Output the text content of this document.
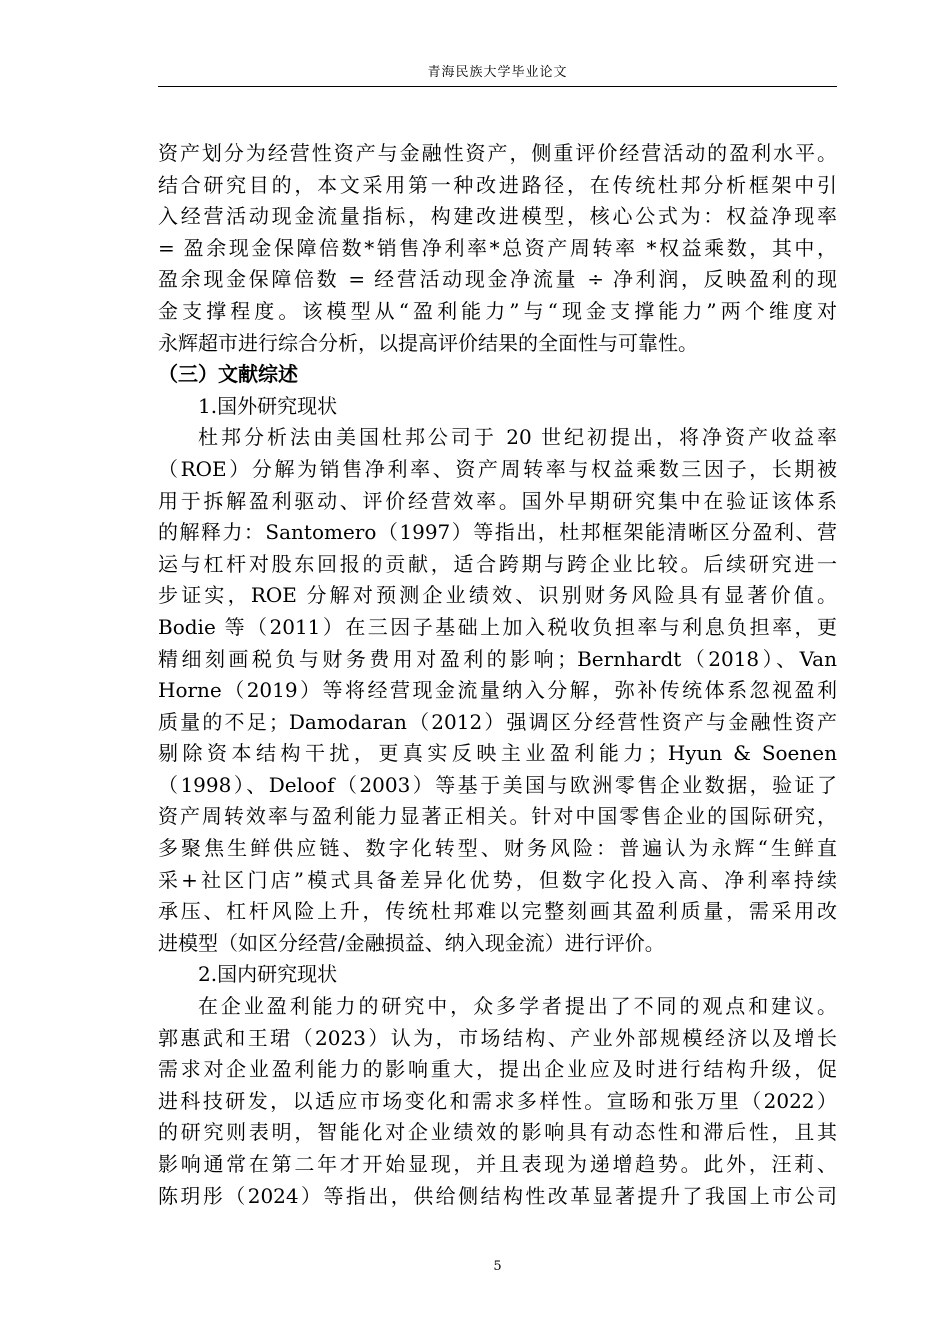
青海民族大学毕业论文
资产划分为经营性资产与金融性资产，侧重评价经营活动的盈利水平。
结合研究目的，本文采用第一种改进路径，在传统杜邦分析框架中引
入经营活动现金流量指标，构建改进模型，核心公式为：权益净现率
= 盈余现金保障倍数*销售净利率*总资产周转率 *权益乘数，其中，
盈余现金保障倍数 = 经营活动现金净流量 ÷ 净利润，反映盈利的现
金支撑程度。该模型从“盈利能力”与“现金支撑能力”两个维度对
永辉超市进行综合分析，以提高评价结果的全面性与可靠性。
（三）文献综述
1.国外研究现状
杜邦分析法由美国杜邦公司于 20 世纪初提出，将净资产收益率
（ROE）分解为销售净利率、资产周转率与权益乘数三因子，长期被
用于拆解盈利驱动、评价经营效率。国外早期研究集中在验证该体系
的解释力：Santomero（1997）等指出，杜邦框架能清晰区分盈利、营
运与杠杆对股东回报的贡献，适合跨期与跨企业比较。后续研究进一
步证实，ROE 分解对预测企业绩效、识别财务风险具有显著价值。
Bodie 等（2011）在三因子基础上加入税收负担率与利息负担率，更
精细刻画税负与财务费用对盈利的影响；Bernhardt（2018）、Van
Horne（2019）等将经营现金流量纳入分解，弥补传统体系忽视盈利
质量的不足；Damodaran（2012）强调区分经营性资产与金融性资产
剔除资本结构干扰，更真实反映主业盈利能力；Hyun & Soenen
（1998）、Deloof（2003）等基于美国与欧洲零售企业数据，验证了
资产周转效率与盈利能力显著正相关。针对中国零售企业的国际研究，
多聚焦生鲜供应链、数字化转型、财务风险：普遍认为永辉“生鲜直
采+社区门店”模式具备差异化优势，但数字化投入高、净利率持续
承压、杠杆风险上升，传统杜邦难以完整刻画其盈利质量，需采用改
进模型（如区分经营/金融损益、纳入现金流）进行评价。
2.国内研究现状
在企业盈利能力的研究中，众多学者提出了不同的观点和建议。
郭惠武和王珺（2023）认为，市场结构、产业外部规模经济以及增长
需求对企业盈利能力的影响重大，提出企业应及时进行结构升级，促
进科技研发，以适应市场变化和需求多样性。宣旸和张万里（2022）
的研究则表明，智能化对企业绩效的影响具有动态性和滞后性，且其
影响通常在第二年才开始显现，并且表现为递增趋势。此外，汪莉、
陈玥彤（2024）等指出，供给侧结构性改革显著提升了我国上市公司
5
